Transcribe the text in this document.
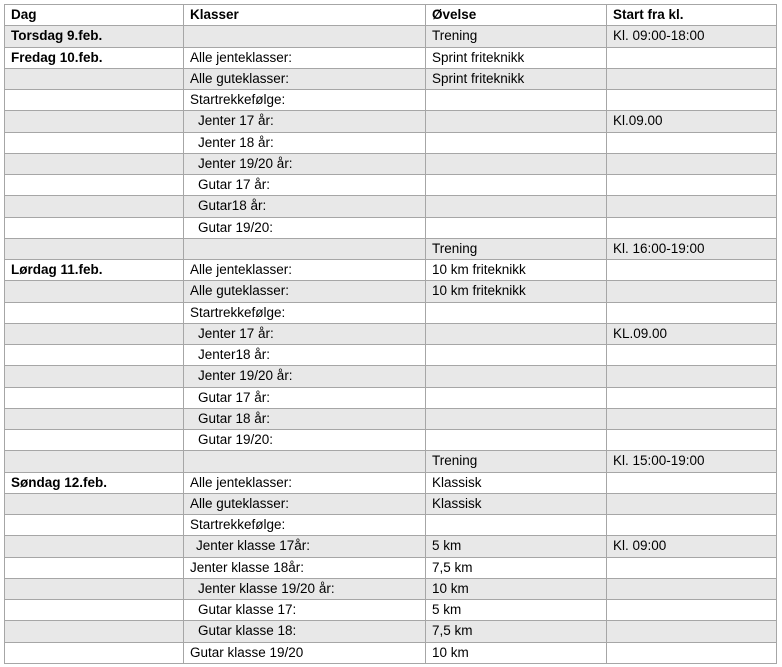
Dag	Klasser	Øvelse	Start fra kl.
Torsdag 9.feb.		Trening	Kl. 09:00-18:00
Fredag 10.feb.	Alle jenteklasser:	Sprint friteknikk	
	Alle guteklasser:	Sprint friteknikk	
	Startrekkefølge:		
	Jenter 17 år:		Kl.09.00
	Jenter 18 år:		
	Jenter 19/20 år:		
	Gutar 17 år:		
	Gutar18 år:		
	Gutar 19/20:		
		Trening	Kl. 16:00-19:00
Lørdag 11.feb.	Alle jenteklasser:	10 km friteknikk	
	Alle guteklasser:	10 km friteknikk	
	Startrekkefølge:		
	Jenter 17 år:		KL.09.00
	Jenter18 år:		
	Jenter 19/20 år:		
	Gutar 17 år:		
	Gutar 18 år:		
	Gutar 19/20:		
		Trening	Kl. 15:00-19:00
Søndag 12.feb.	Alle jenteklasser:	Klassisk	
	Alle guteklasser:	Klassisk	
	Startrekkefølge:		
	Jenter klasse 17år:	5 km	Kl. 09:00
	Jenter klasse 18år:	7,5 km	
	Jenter klasse 19/20 år:	10 km	
	Gutar klasse 17:	5 km	
	Gutar klasse 18:	7,5 km	
	Gutar klasse 19/20	10 km	
